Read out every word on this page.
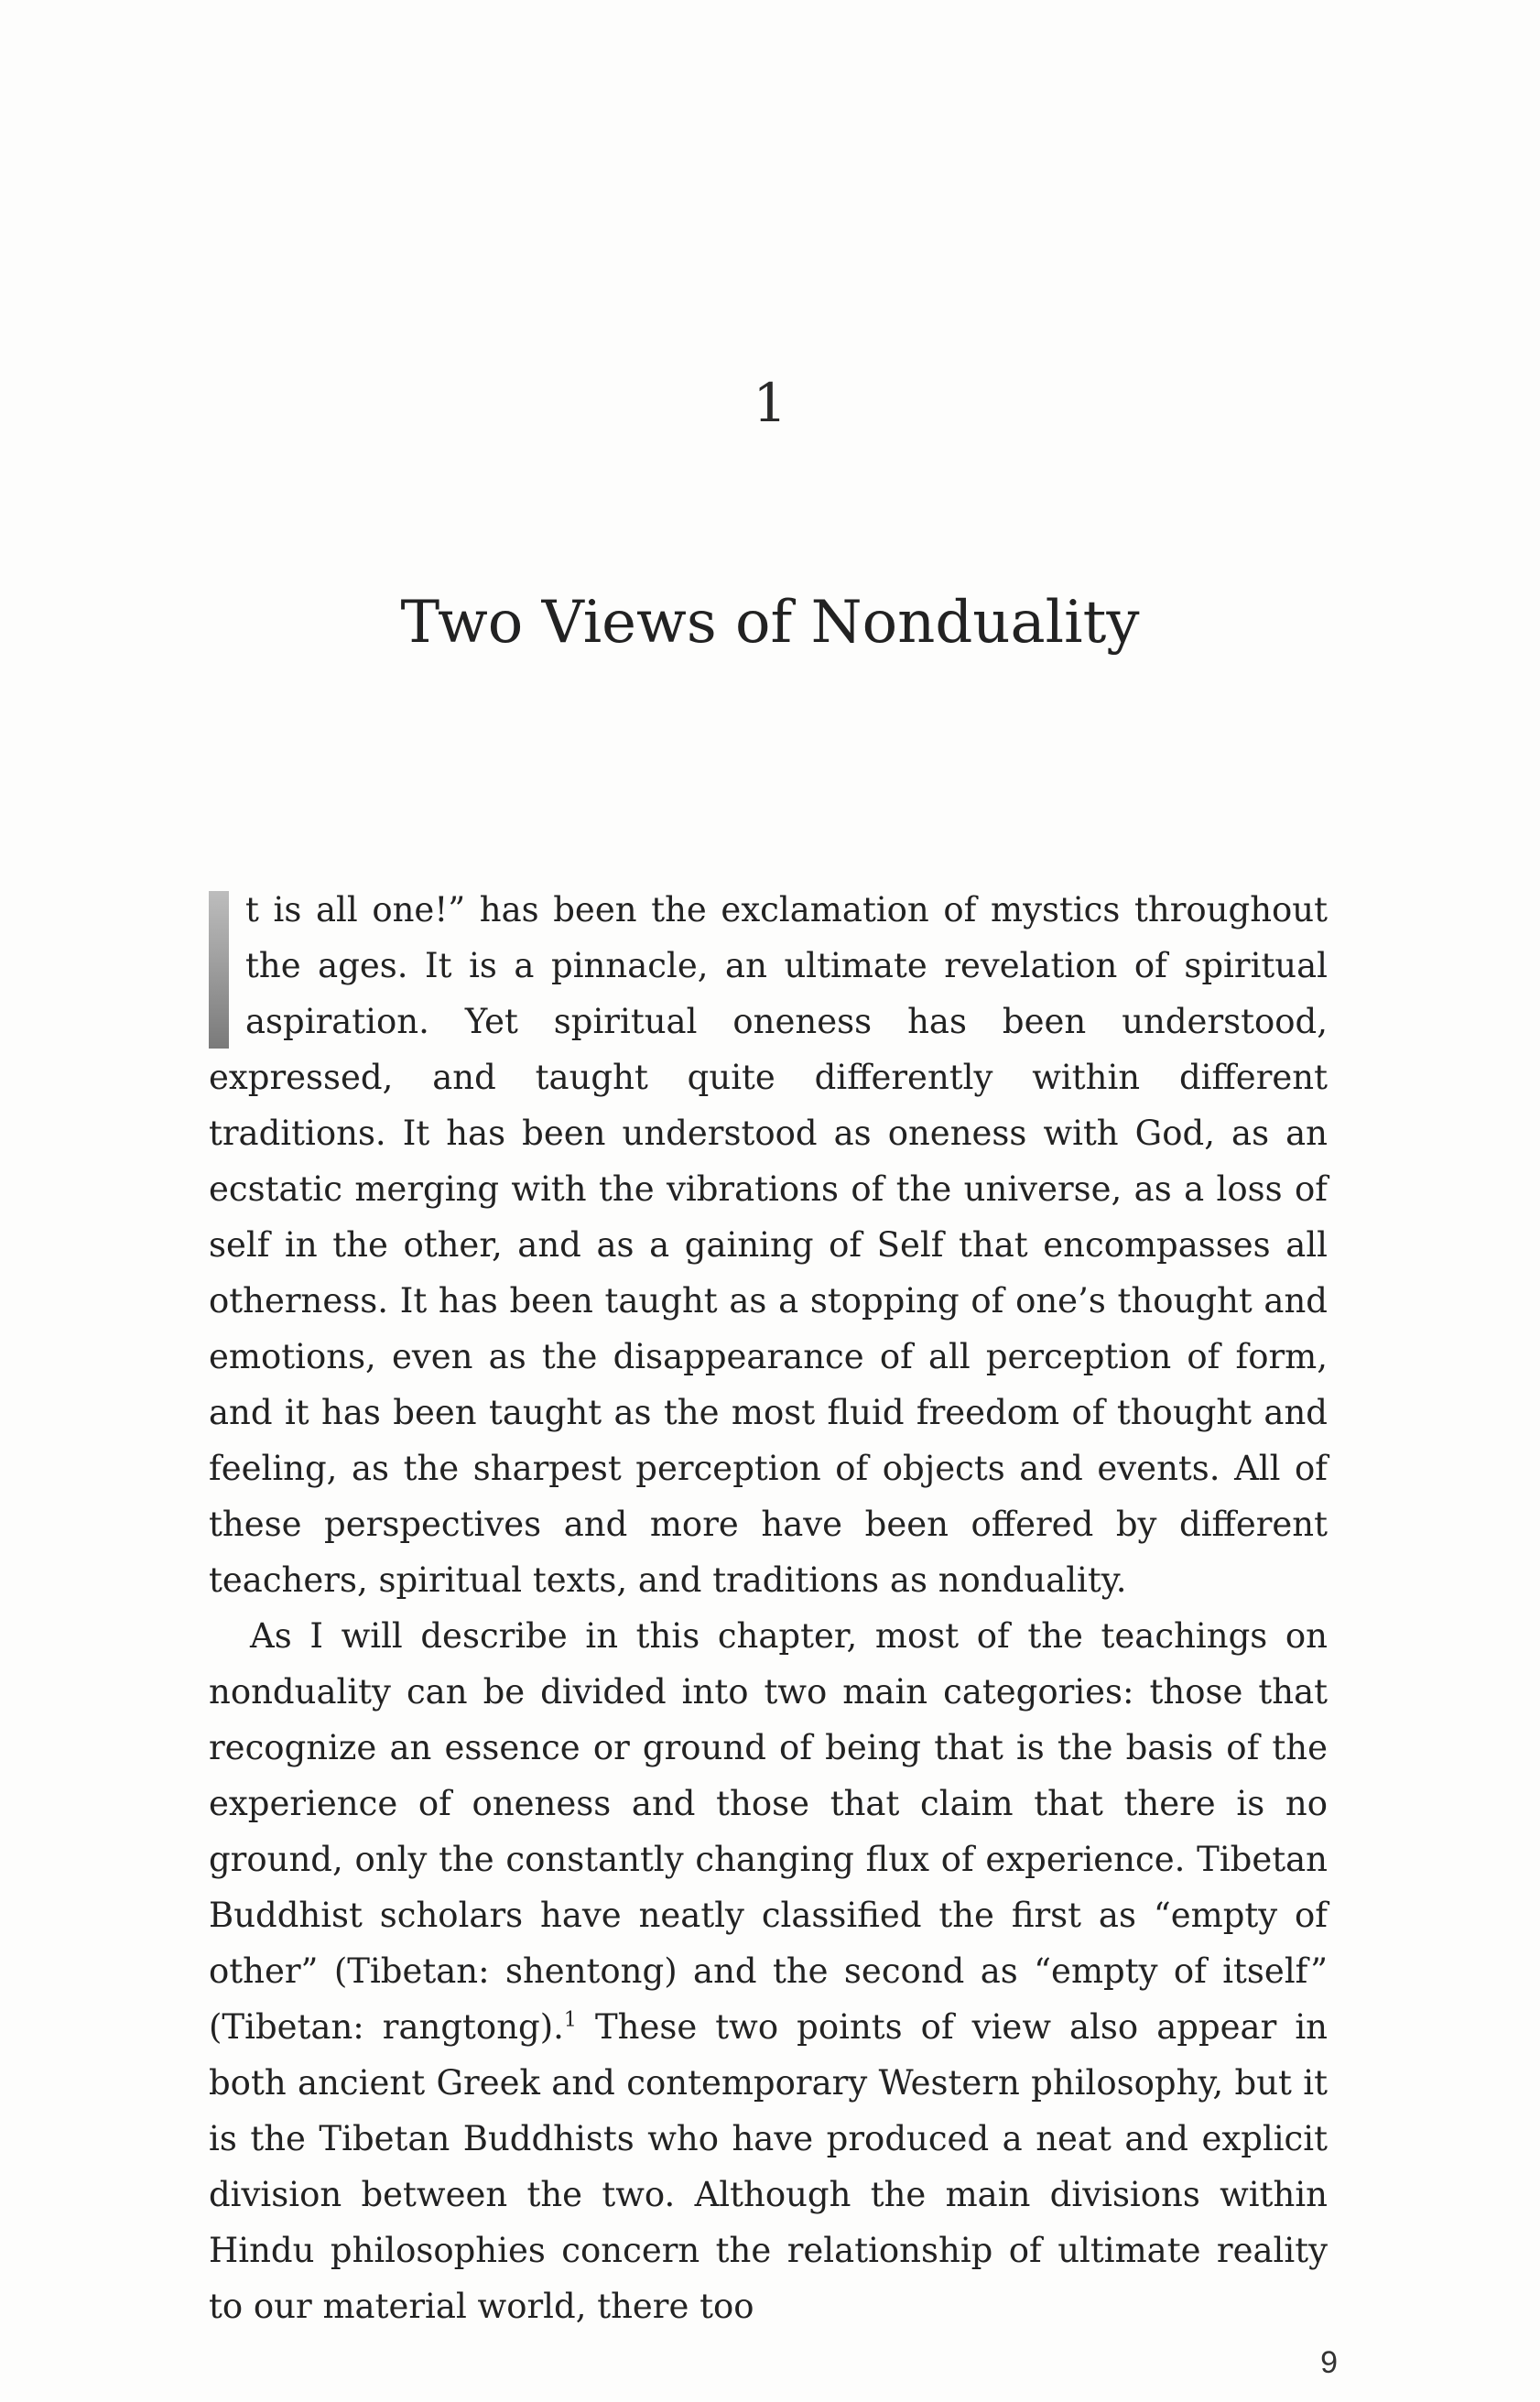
1
Two Views of Nonduality

t is all one!” has been the exclamation of mystics throughout the ages. It is a pinnacle, an ultimate revelation of spiritual aspiration. Yet spiritual oneness has been understood, expressed, and taught quite differently within different traditions. It has been understood as oneness with God, as an ecstatic merging with the vibrations of the universe, as a loss of self in the other, and as a gaining of Self that encompasses all otherness. It has been taught as a stopping of one’s thought and emotions, even as the disappearance of all perception of form, and it has been taught as the most fluid freedom of thought and feeling, as the sharpest perception of objects and events. All of these perspectives and more have been offered by different teachers, spiritual texts, and traditions as nonduality.

As I will describe in this chapter, most of the teachings on nonduality can be divided into two main categories: those that recognize an essence or ground of being that is the basis of the experience of oneness and those that claim that there is no ground, only the constantly changing flux of experience. Tibetan Buddhist scholars have neatly classified the first as “empty of other” (Tibetan: shentong) and the second as “empty of itself” (Tibetan: rangtong).$^1$ These two points of view also appear in both ancient Greek and contemporary Western philosophy, but it is the Tibetan Buddhists who have produced a neat and explicit division between the two. Although the main divisions within Hindu philosophies concern the relationship of ultimate reality to our material world, there too

9
